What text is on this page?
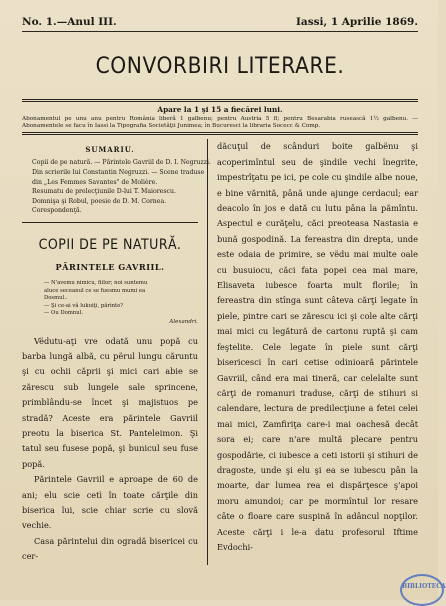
No. 1.—Anul III.	Iassi, 1 Aprilie 1869.
CONVORBIRI LITERARE.
Apare la 1 şi 15 a fiecărei luni.
Abonamentul pe unu anu pentru România liberă 1 galbenu; pentru Austria 5 fl; pentru Besarabia rusească 1½ galbenu. — Abonamentele se facu în Iassi la Tipografia Societăţii Junimea; în Bucuresci la libraria Socecc & Comp.
SUMARIU.
Copii de pe natură. — Părintele Gavriil de D. I. Negruzzi.
Din scrierile lui Constantin Negruzzi. — Scene traduse
din „Les Femmes Savantes" de Molière.
Resumatu de prelecţiunile D-lui T. Maiorescu.
Domnişa şi Robul, poesie de D. M. Cornea.
Corespondenţă.
COPII DE PE NATURĂ.
PĂRINTELE GAVRIIL.
— N'avemu nimicu, fiilor; noi suntemu
aluce seceanul ce se fuesmu mumi ea
Dosmul..
— Şi ce-ai vă lukuiţi, părinte?
— Ou Domnul.
Alexandri.

Vëdutu-aţi vre odată unu popă cu barba lungă albă, cu përul lungu căruntu şi cu ochii căprii şi mici cari abie se zărescu sub lungele sale sprincene, primblându-se încet şi majistuos pe stradă? Aceste era părintele Gavriil preotu la biserica St. Panteleimon. Şi tatul seu fusese popă, şi bunicul seu fuse popă.

Părintele Gavriil e aproape de 60 de ani; elu scie cetì în toate cărţile din biserica lui, scie chiar scrie cu slovă vechie.

Casa părintelui din ogradă bisericei cu cer-

dăcuţul de scânduri boite galbënu şi acoperimîntul seu de şindile vechi înegrite, impestrîţatu pe ici, pe cole cu şindile albe noue, e bine vărnită, până unde ajunge cerdacul; ear deacolo în jos e dată cu lutu pâna la pămîntu. Aspectul e curăţelu, căci preoteasa Nastasia e bună gospodină. La fereastra din drepta, unde este odaia de primire, se vëdu mai multe oale cu busuiocu, căci fata popei cea mai mare, Elisaveta iubesce foarta mult florile; în fereastra din stînga sunt câteva cărţi legate în piele, pintre cari se zărescu ici şi cole alte cărţi mai mici cu legătură de cartonu ruptă şi cam feştelite. Cele legate în piele sunt cărţi bisericesci în cari cetise odinioară părintele Gavriil, când era mai tineră, car celelalte sunt cărţi de romanuri traduse, cărţi de stihuri si calendare, lectura de predilecţiune a fetei celei mai mici, Zamfiriţa care-i mai oachesă decât sora ei; care n'are multă plecare pentru gospodărie, ci iubesce a ceti istorii şi stihuri de dragoste, unde şi elu şi ea se iubescu pân la moarte, dar lumea rea ei dispărţesce ş'apoi moru amundoi; car pe mormîntul lor resare câte o floare care suspină în adâncul nopţilor. Aceste cărţi i le-a datu profesorul Iftime Evdochi-

BIBLIOTECA
